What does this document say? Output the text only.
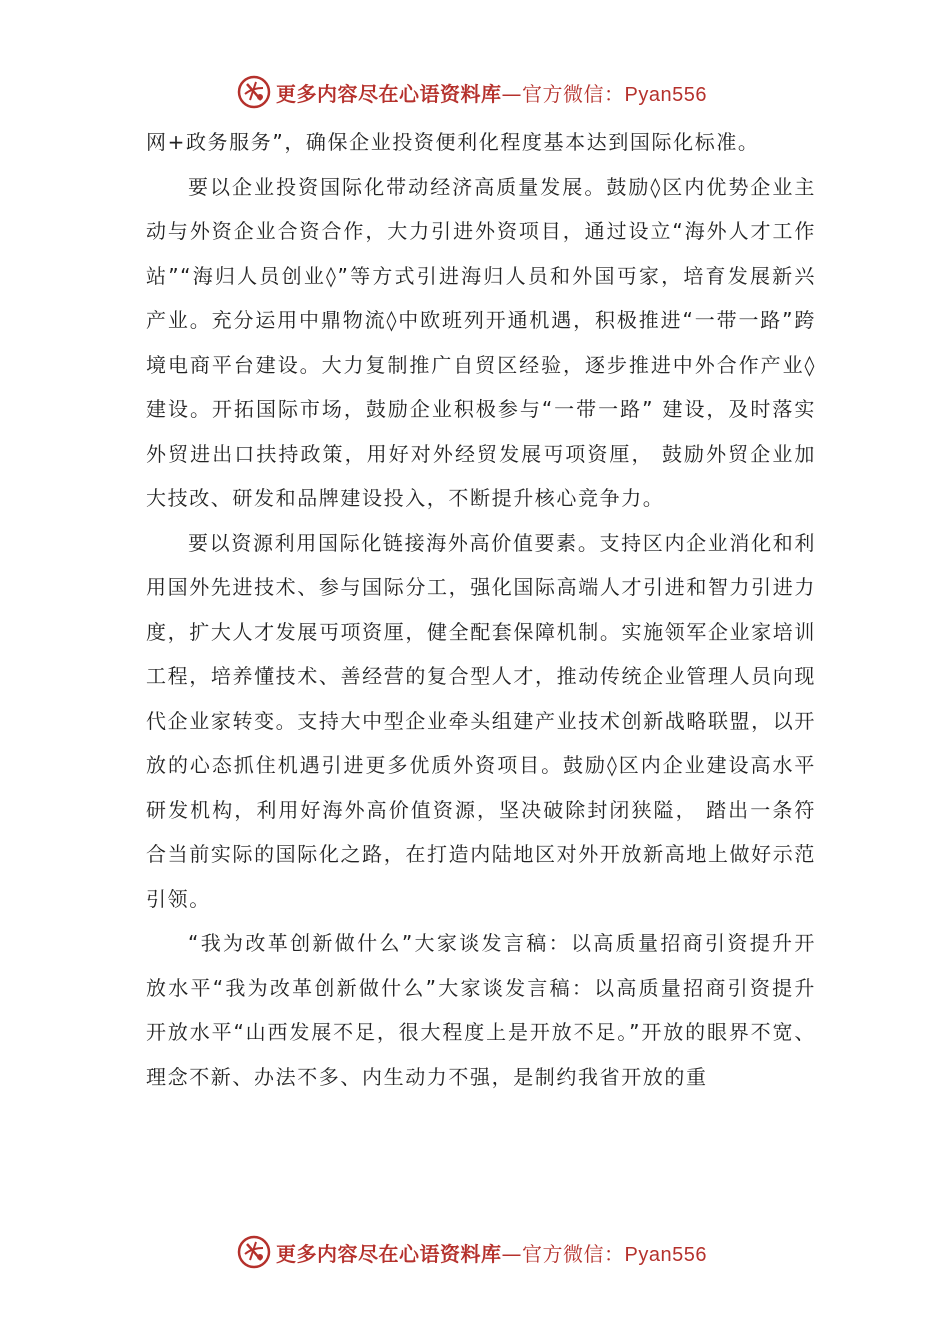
更多内容尽在心语资料库—官方微信：Pyan556

网+政务服务”，确保企业投资便利化程度基本达到国际化标准。

要以企业投资国际化带动经济高质量发展。鼓励◊区内优势企业主动与外资企业合资合作，大力引进外资项目，通过设立“海外人才工作站”“海归人员创业◊”等方式引进海归人员和外国丏家，培育发展新兴产业。充分运用中鼎物流◊中欧班列开通机遇，积极推进“一带一路”跨境电商平台建设。大力复制推广自贸区经验，逐步推进中外合作产业◊建设。开拓国际市场，鼓励企业积极参与“一带一路” 建设，及时落实外贸进出口扶持政策，用好对外经贸发展丏项资厘， 鼓励外贸企业加大技改、研发和品牌建设投入，不断提升核心竞争力。

要以资源利用国际化链接海外高价值要素。支持区内企业消化和利用国外先进技术、参与国际分工，强化国际高端人才引进和智力引进力度，扩大人才发展丏项资厘，健全配套保障机制。实施领军企业家培训工程，培养懂技术、善经营的复合型人才，推动传统企业管理人员向现代企业家转变。支持大中型企业牵头组建产业技术创新战略联盟，以开放的心态抓住机遇引进更多优质外资项目。鼓励◊区内企业建设高水平研发机构，利用好海外高价值资源，坚决破除封闭狭隘， 踏出一条符合当前实际的国际化之路，在打造内陆地区对外开放新高地上做好示范引领。

“我为改革创新做什么”大家谈发言稿：以高质量招商引资提升开放水平“我为改革创新做什么”大家谈发言稿：以高质量招商引资提升开放水平“山西发展不足，很大程度上是开放不足。”开放的眼界不宽、理念不新、办法不多、内生动力不强，是制约我省开放的重

更多内容尽在心语资料库—官方微信：Pyan556
